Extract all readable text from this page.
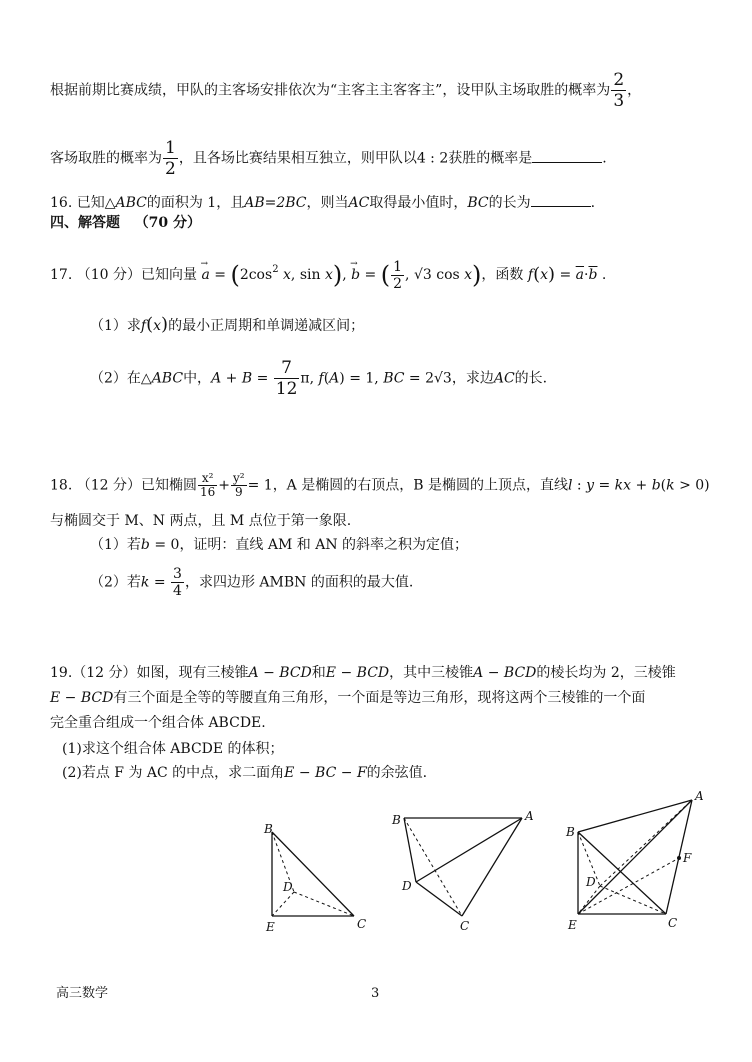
根据前期比赛成绩，甲队的主客场安排依次为“主客主主客客主”，设甲队主场取胜的概率为 $\frac{2}{3}$ ，
客场取胜的概率为 $\frac{1}{2}$ ，且各场比赛结果相互独立，则甲队以4 : 2获胜的概率是	.
16. 已知△ABC的面积为 1，且AB=2BC，则当AC取得最小值时，BC的长为	.
四、解答题 （70 分）
17. （10 分）已知向量 → $a = (2\cos^2$ x, sin x), → b = ( $\frac{1}{2}$ , √3 cos x)，函数 $f(x) = \overline{a}\cdot\overline{b}$ .
（1）求f(x)的最小正周期和单调递减区间；
（2）在△ABC中，$A + B = \frac{7}{12} \pi$, f(A) = 1, BC = 2√3，求边AC的长.
18. （12 分）已知椭圆 $\frac{\text{x²}}{16} + \frac{\text{y²}}{9} = 1$，A 是椭圆的右顶点，B 是椭圆的上顶点，直线l : y = kx + b(k > 0)
与椭圆交于 M、N 两点，且 M 点位于第一象限.
（1）若b = 0，证明：直线 AM 和 AN 的斜率之积为定值；
（2）若$k = \frac{3}{4}$ ，求四边形 AMBN 的面积的最大值.
19.（12 分）如图，现有三棱锥A − BCD和E − BCD，其中三棱锥A − BCD的棱长均为 2，三棱锥
E − BCD有三个面是全等的等腰直角三角形，一个面是等边三角形，现将这两个三棱锥的一个面
完全重合组成一个组合体 ABCDE.
(1)求这个组合体 ABCDE 的体积；
(2)若点 F 为 AC 的中点，求二面角E − BC − F的余弦值.
B
D
E	C
B	A
D
C
A
B
F
D
E	C
高三数学	3
